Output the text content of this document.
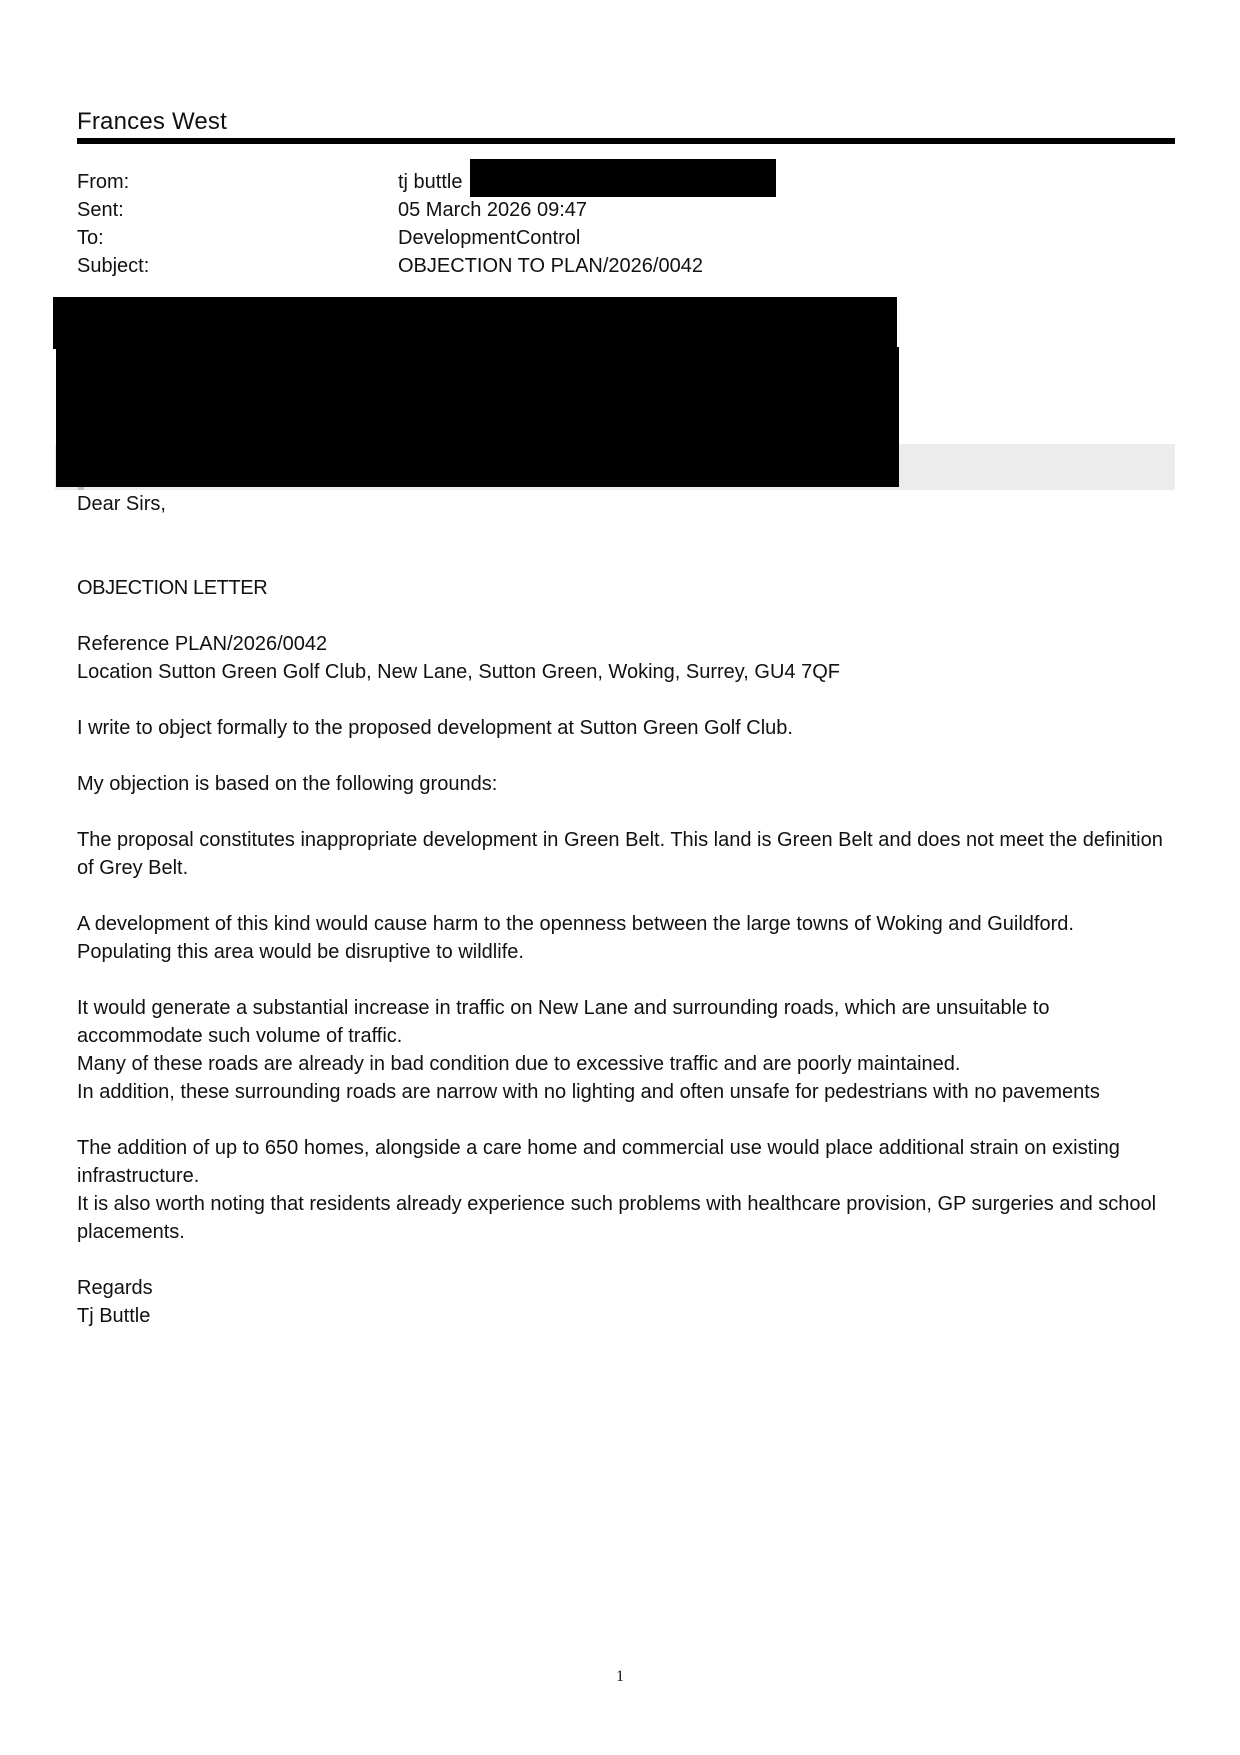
Frances West
From:	tj buttle
Sent:	05 March 2026 09:47
To:	DevelopmentControl
Subject:	OBJECTION TO PLAN/2026/0042

Dear Sirs,

OBJECTION LETTER

Reference PLAN/2026/0042

Location Sutton Green Golf Club, New Lane, Sutton Green, Woking, Surrey, GU4 7QF

I write to object formally to the proposed development at Sutton Green Golf Club.

My objection is based on the following grounds:

The proposal constitutes inappropriate development in Green Belt. This land is Green Belt and does not meet the definition of Grey Belt.

A development of this kind would cause harm to the openness between the large towns of Woking and Guildford.

Populating this area would be disruptive to wildlife.

It would generate a substantial increase in traffic on New Lane and surrounding roads, which are unsuitable to accommodate such volume of traffic.

Many of these roads are already in bad condition due to excessive traffic and are poorly maintained.

In addition, these surrounding roads are narrow with no lighting and often unsafe for pedestrians with no pavements

The addition of up to 650 homes, alongside a care home and commercial use would place additional strain on existing infrastructure.

It is also worth noting that residents already experience such problems with healthcare provision, GP surgeries and school placements.

Regards

Tj Buttle

1
